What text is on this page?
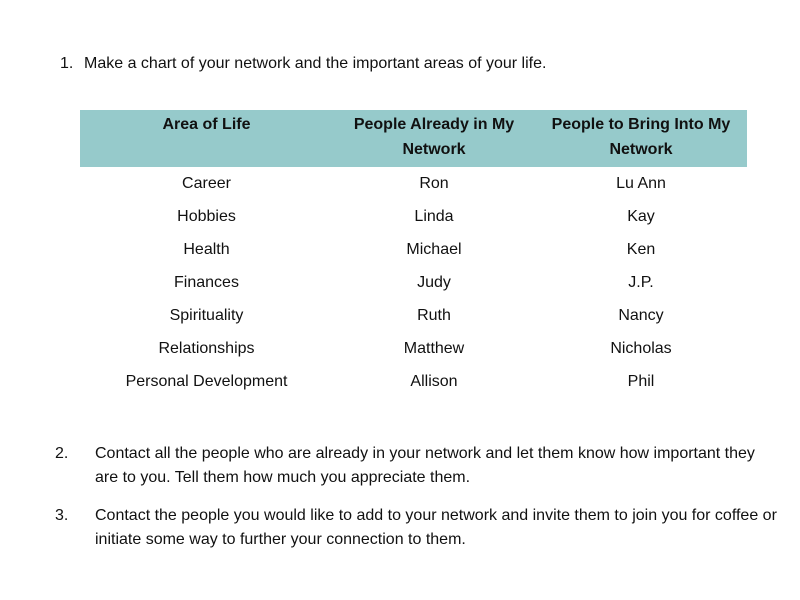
1. Make a chart of your network and the important areas of your life.
Area of Life	People Already in My Network	People to Bring Into My Network
Career	Ron	Lu Ann
Hobbies	Linda	Kay
Health	Michael	Ken
Finances	Judy	J.P.
Spirituality	Ruth	Nancy
Relationships	Matthew	Nicholas
Personal Development	Allison	Phil
2. Contact all the people who are already in your network and let them know how important they are to you. Tell them how much you appreciate them.
3. Contact the people you would like to add to your network and invite them to join you for coffee or initiate some way to further your connection to them.
